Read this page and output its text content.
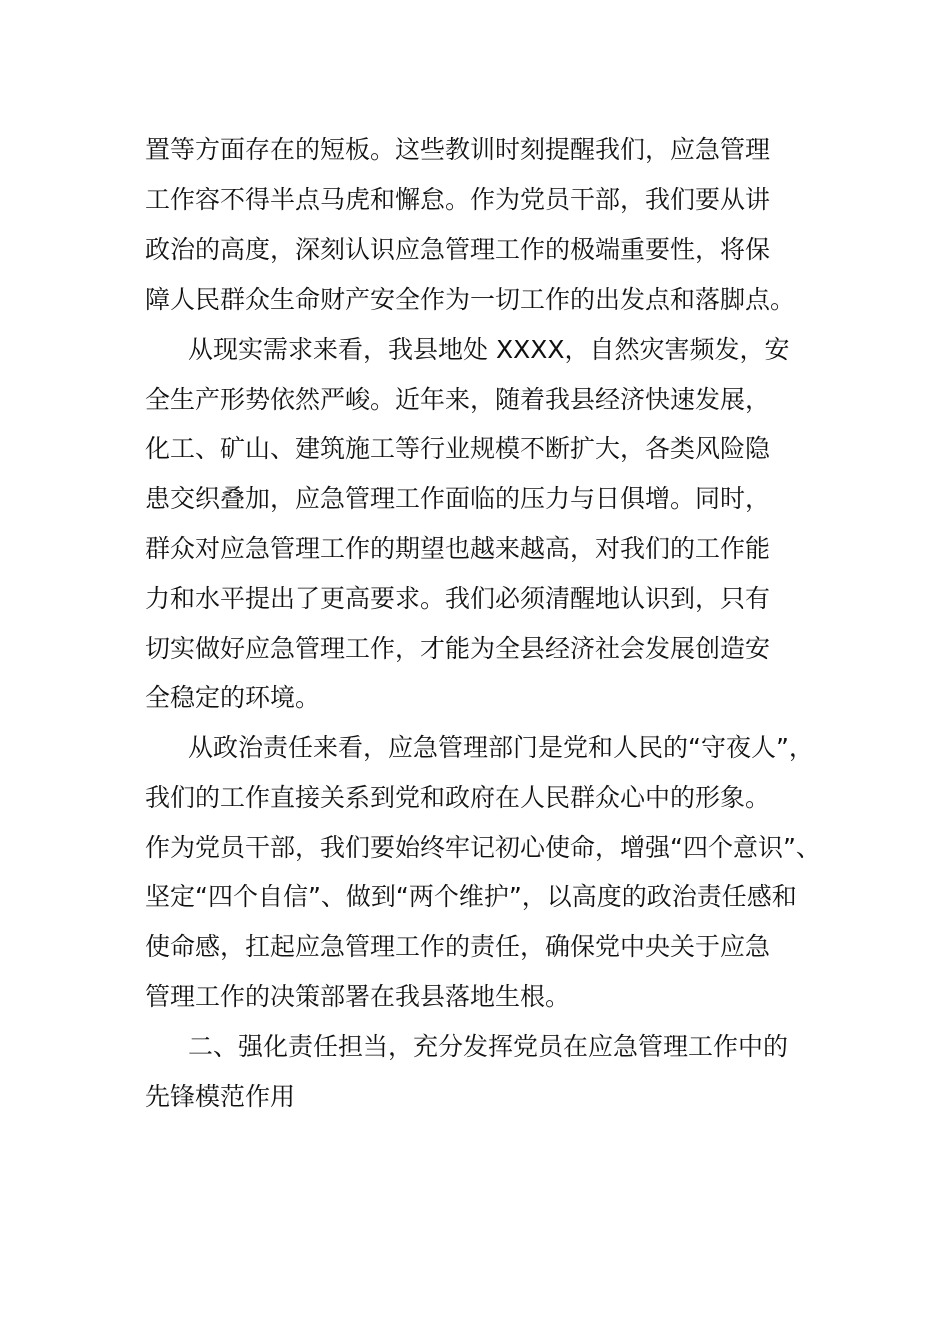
置等方面存在的短板。这些教训时刻提醒我们，应急管理
工作容不得半点马虎和懈怠。作为党员干部，我们要从讲
政治的高度，深刻认识应急管理工作的极端重要性，将保
障人民群众生命财产安全作为一切工作的出发点和落脚点。
从现实需求来看，我县地处 XXXX，自然灾害频发，安
全生产形势依然严峻。近年来，随着我县经济快速发展，
化工、矿山、建筑施工等行业规模不断扩大，各类风险隐
患交织叠加，应急管理工作面临的压力与日俱增。同时，
群众对应急管理工作的期望也越来越高，对我们的工作能
力和水平提出了更高要求。我们必须清醒地认识到，只有
切实做好应急管理工作，才能为全县经济社会发展创造安
全稳定的环境。
从政治责任来看，应急管理部门是党和人民的“守夜人”，
我们的工作直接关系到党和政府在人民群众心中的形象。
作为党员干部，我们要始终牢记初心使命，增强“四个意识”、
坚定“四个自信”、做到“两个维护”，以高度的政治责任感和
使命感，扛起应急管理工作的责任，确保党中央关于应急
管理工作的决策部署在我县落地生根。
二、强化责任担当，充分发挥党员在应急管理工作中的
先锋模范作用
